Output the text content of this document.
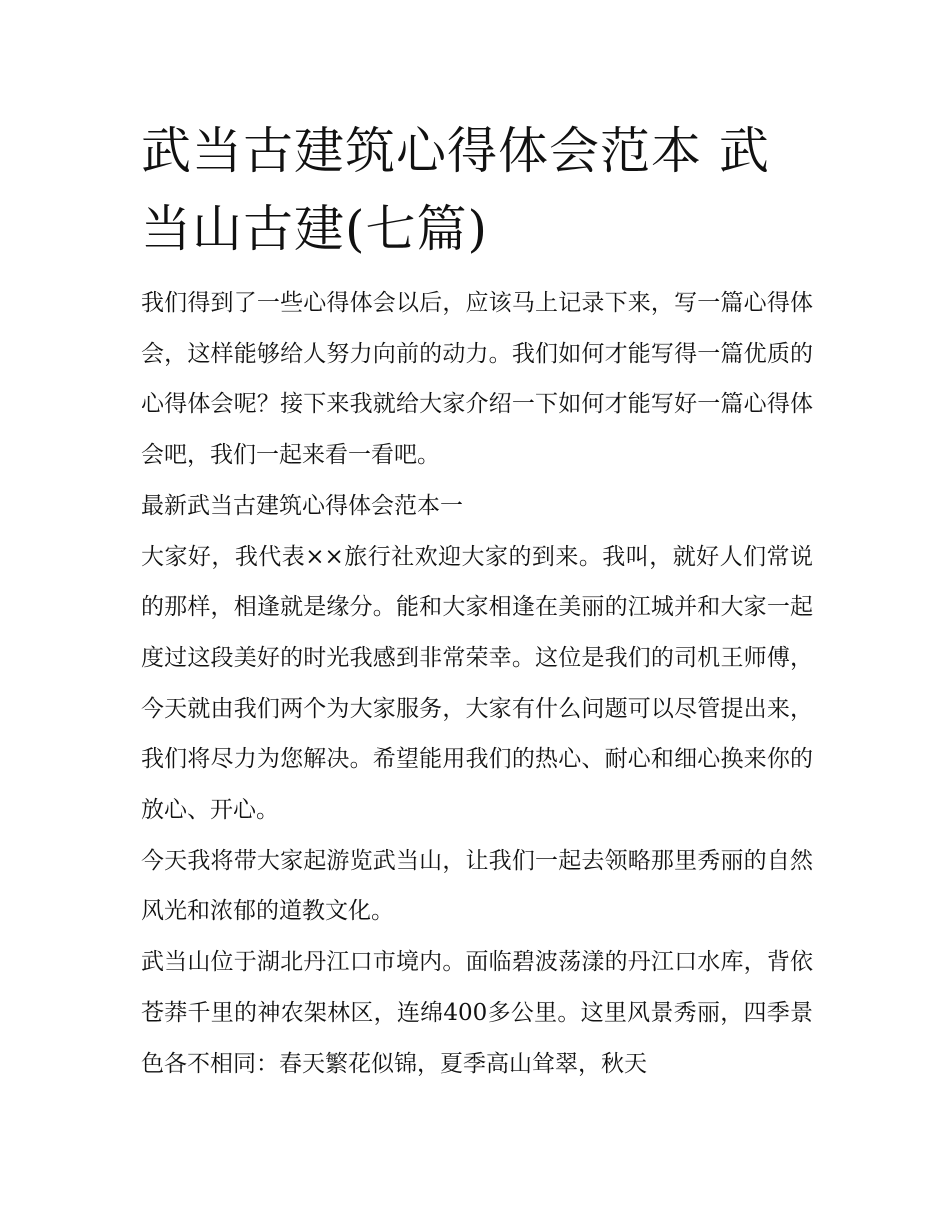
武当古建筑心得体会范本 武当山古建(七篇)

我们得到了一些心得体会以后，应该马上记录下来，写一篇心得体会，这样能够给人努力向前的动力。我们如何才能写得一篇优质的心得体会呢？接下来我就给大家介绍一下如何才能写好一篇心得体会吧，我们一起来看一看吧。

最新武当古建筑心得体会范本一

大家好，我代表××旅行社欢迎大家的到来。我叫，就好人们常说的那样，相逢就是缘分。能和大家相逢在美丽的江城并和大家一起度过这段美好的时光我感到非常荣幸。这位是我们的司机王师傅，今天就由我们两个为大家服务，大家有什么问题可以尽管提出来，我们将尽力为您解决。希望能用我们的热心、耐心和细心换来你的放心、开心。

今天我将带大家起游览武当山，让我们一起去领略那里秀丽的自然风光和浓郁的道教文化。

武当山位于湖北丹江口市境内。面临碧波荡漾的丹江口水库，背依苍莽千里的神农架林区，连绵400多公里。这里风景秀丽，四季景色各不相同：春天繁花似锦，夏季高山耸翠，秋天
